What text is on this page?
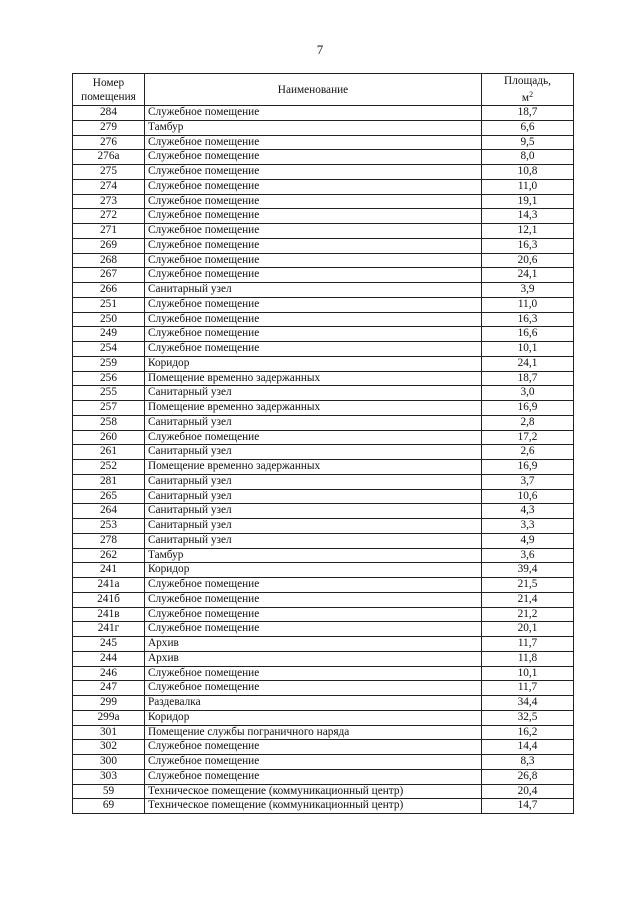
7
Номер
помещения	Наименование	Площадь,
$м^2$
284	Служебное помещение	18,7
279	Тамбур	6,6
276	Служебное помещение	9,5
276а	Служебное помещение	8,0
275	Служебное помещение	10,8
274	Служебное помещение	11,0
273	Служебное помещение	19,1
272	Служебное помещение	14,3
271	Служебное помещение	12,1
269	Служебное помещение	16,3
268	Служебное помещение	20,6
267	Служебное помещение	24,1
266	Санитарный узел	3,9
251	Служебное помещение	11,0
250	Служебное помещение	16,3
249	Служебное помещение	16,6
254	Служебное помещение	10,1
259	Коридор	24,1
256	Помещение временно задержанных	18,7
255	Санитарный узел	3,0
257	Помещение временно задержанных	16,9
258	Санитарный узел	2,8
260	Служебное помещение	17,2
261	Санитарный узел	2,6
252	Помещение временно задержанных	16,9
281	Санитарный узел	3,7
265	Санитарный узел	10,6
264	Санитарный узел	4,3
253	Санитарный узел	3,3
278	Санитарный узел	4,9
262	Тамбур	3,6
241	Коридор	39,4
241а	Служебное помещение	21,5
241б	Служебное помещение	21,4
241в	Служебное помещение	21,2
241г	Служебное помещение	20,1
245	Архив	11,7
244	Архив	11,8
246	Служебное помещение	10,1
247	Служебное помещение	11,7
299	Раздевалка	34,4
299а	Коридор	32,5
301	Помещение службы пограничного наряда	16,2
302	Служебное помещение	14,4
300	Служебное помещение	8,3
303	Служебное помещение	26,8
59	Техническое помещение (коммуникационный центр)	20,4
69	Техническое помещение (коммуникационный центр)	14,7
